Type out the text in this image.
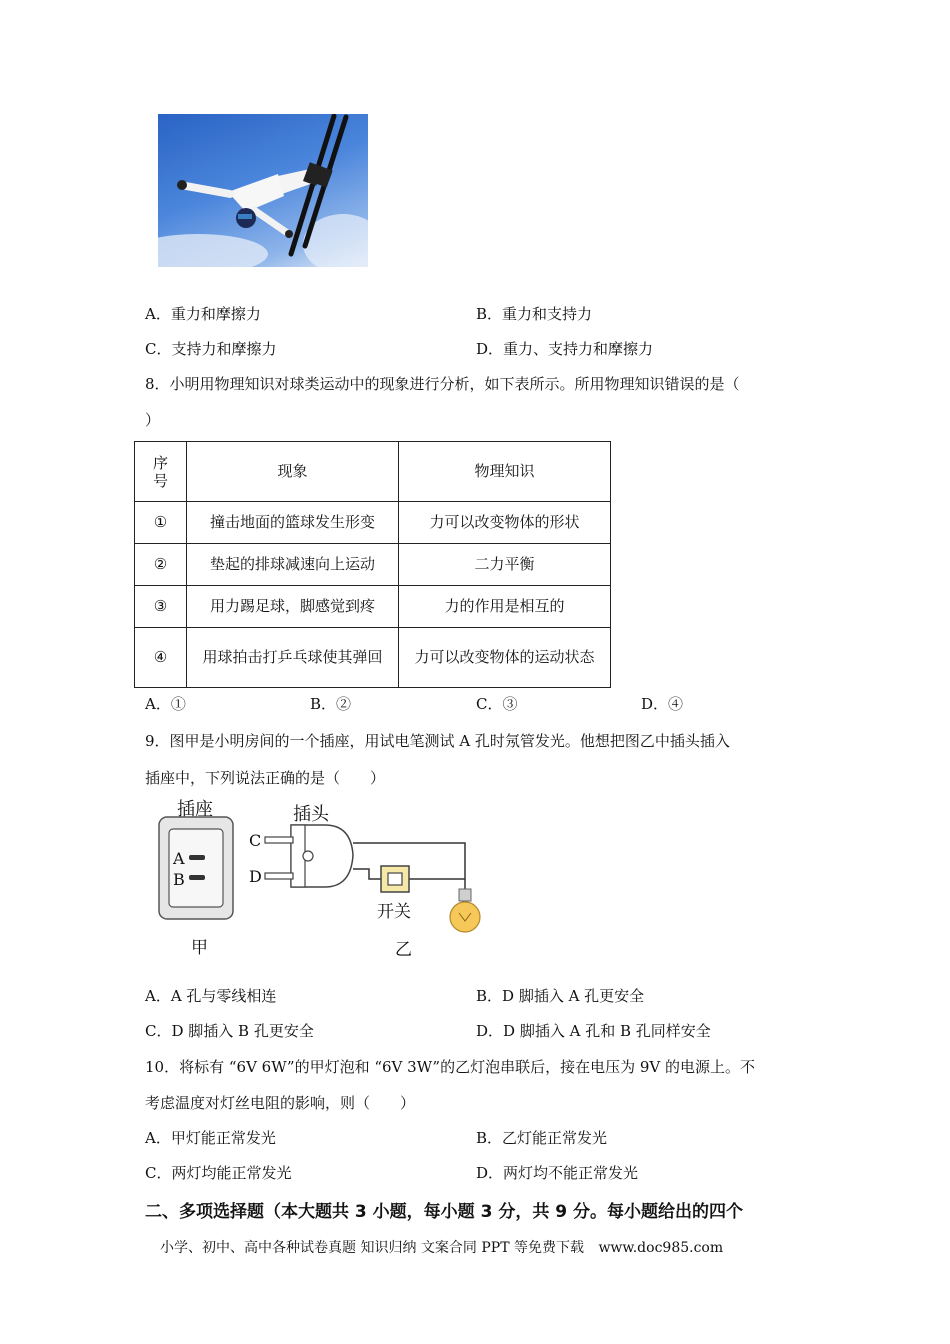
A．重力和摩擦力	B．重力和支持力
C．支持力和摩擦力	D．重力、支持力和摩擦力
8．小明用物理知识对球类运动中的现象进行分析，如下表所示。所用物理知识错误的是（
）
序号	现象	物理知识
①	撞击地面的篮球发生形变	力可以改变物体的形状
②	垫起的排球减速向上运动	二力平衡
③	用力踢足球，脚感觉到疼	力的作用是相互的
④	用球拍击打乒乓球使其弹回	力可以改变物体的运动状态
A．①	B．②	C．③	D．④
9．图甲是小明房间的一个插座，用试电笔测试 A 孔时氖管发光。他想把图乙中插头插入
插座中，下列说法正确的是（　　）
插座	插头
A
B
C
D
开关
甲	乙
A．A 孔与零线相连	B．D 脚插入 A 孔更安全
C．D 脚插入 B 孔更安全	D．D 脚插入 A 孔和 B 孔同样安全
10．将标有 “6V 6W”的甲灯泡和 “6V 3W”的乙灯泡串联后，接在电压为 9V 的电源上。不
考虑温度对灯丝电阻的影响，则（　　）
A．甲灯能正常发光	B．乙灯能正常发光
C．两灯均能正常发光	D．两灯均不能正常发光
二、多项选择题（本大题共 3 小题，每小题 3 分，共 9 分。每小题给出的四个
小学、初中、高中各种试卷真题 知识归纳 文案合同 PPT 等免费下载 www.doc985.com
